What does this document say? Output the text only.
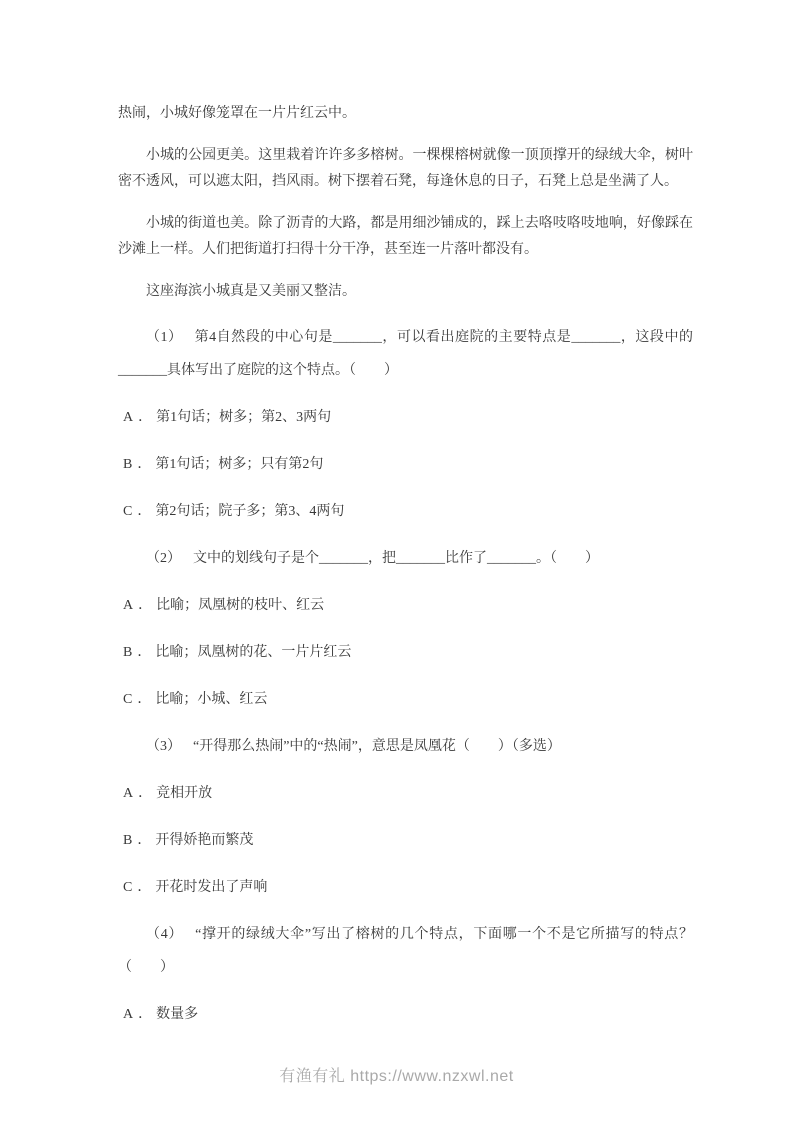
热闹，小城好像笼罩在一片片红云中。

小城的公园更美。这里栽着许许多多榕树。一棵棵榕树就像一顶顶撑开的绿绒大伞，树叶密不透风，可以遮太阳，挡风雨。树下摆着石凳，每逢休息的日子，石凳上总是坐满了人。

小城的街道也美。除了沥青的大路，都是用细沙铺成的，踩上去咯吱咯吱地响，好像踩在沙滩上一样。人们把街道打扫得十分干净，甚至连一片落叶都没有。

这座海滨小城真是又美丽又整洁。

（1） 第4自然段的中心句是_______，可以看出庭院的主要特点是_______，这段中的_______具体写出了庭院的这个特点。（　　）

A ． 第1句话；树多；第2、3两句

B ． 第1句话；树多；只有第2句

C ． 第2句话；院子多；第3、4两句

（2） 文中的划线句子是个_______，把_______比作了_______。（　　）

A ． 比喻；凤凰树的枝叶、红云

B ． 比喻；凤凰树的花、一片片红云

C ． 比喻；小城、红云

（3） “开得那么热闹”中的“热闹”，意思是凤凰花（　　）（多选）

A ． 竞相开放

B ． 开得娇艳而繁茂

C ． 开花时发出了声响

（4） “撑开的绿绒大伞”写出了榕树的几个特点，下面哪一个不是它所描写的特点？（　　）

A ． 数量多

有渔有礼 https://www.nzxwl.net
